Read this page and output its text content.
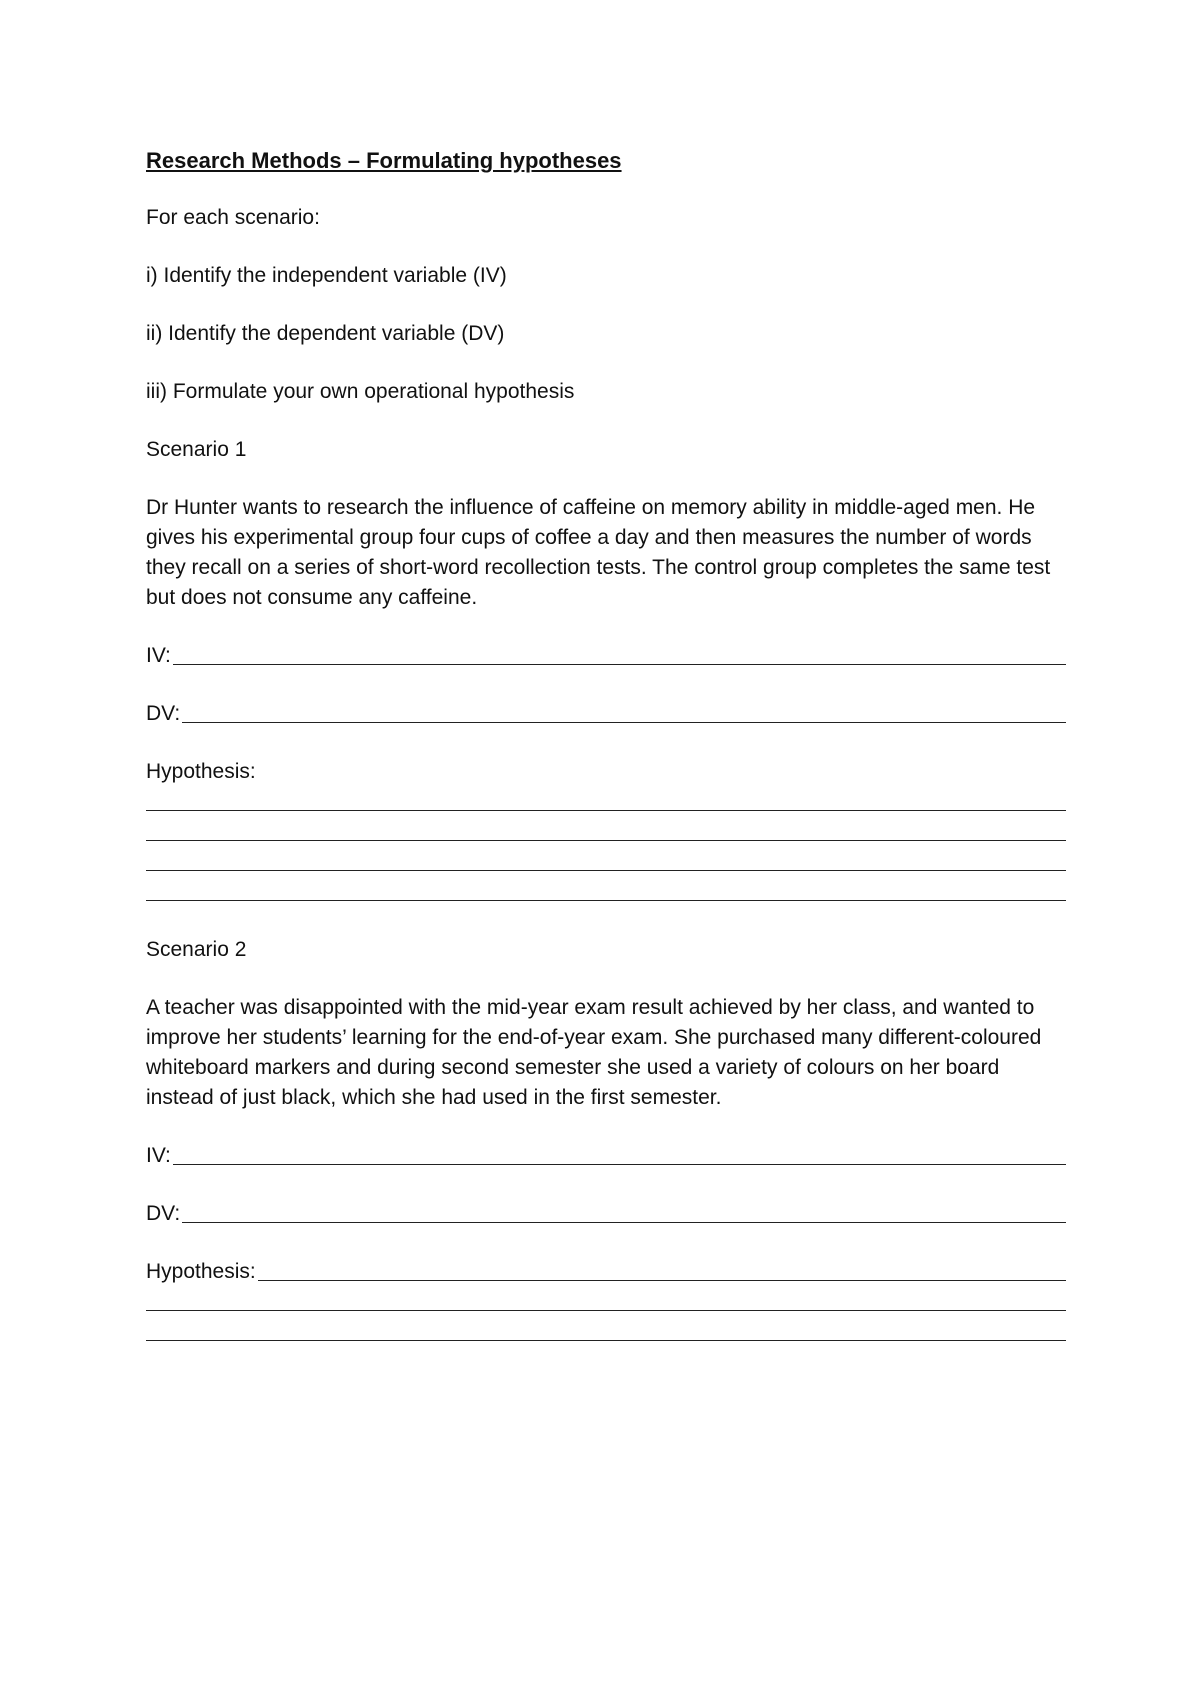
Research Methods – Formulating hypotheses
For each scenario:
i) Identify the independent variable (IV)
ii) Identify the dependent variable (DV)
iii) Formulate your own operational hypothesis
Scenario 1
Dr Hunter wants to research the influence of caffeine on memory ability in middle-aged men. He gives his experimental group four cups of coffee a day and then measures the number of words they recall on a series of short-word recollection tests. The control group completes the same test but does not consume any caffeine.
IV:
DV:
Hypothesis:
Scenario 2
A teacher was disappointed with the mid-year exam result achieved by her class, and wanted to improve her students’ learning for the end-of-year exam. She purchased many different-coloured whiteboard markers and during second semester she used a variety of colours on her board instead of just black, which she had used in the first semester.
IV:
DV:
Hypothesis:
